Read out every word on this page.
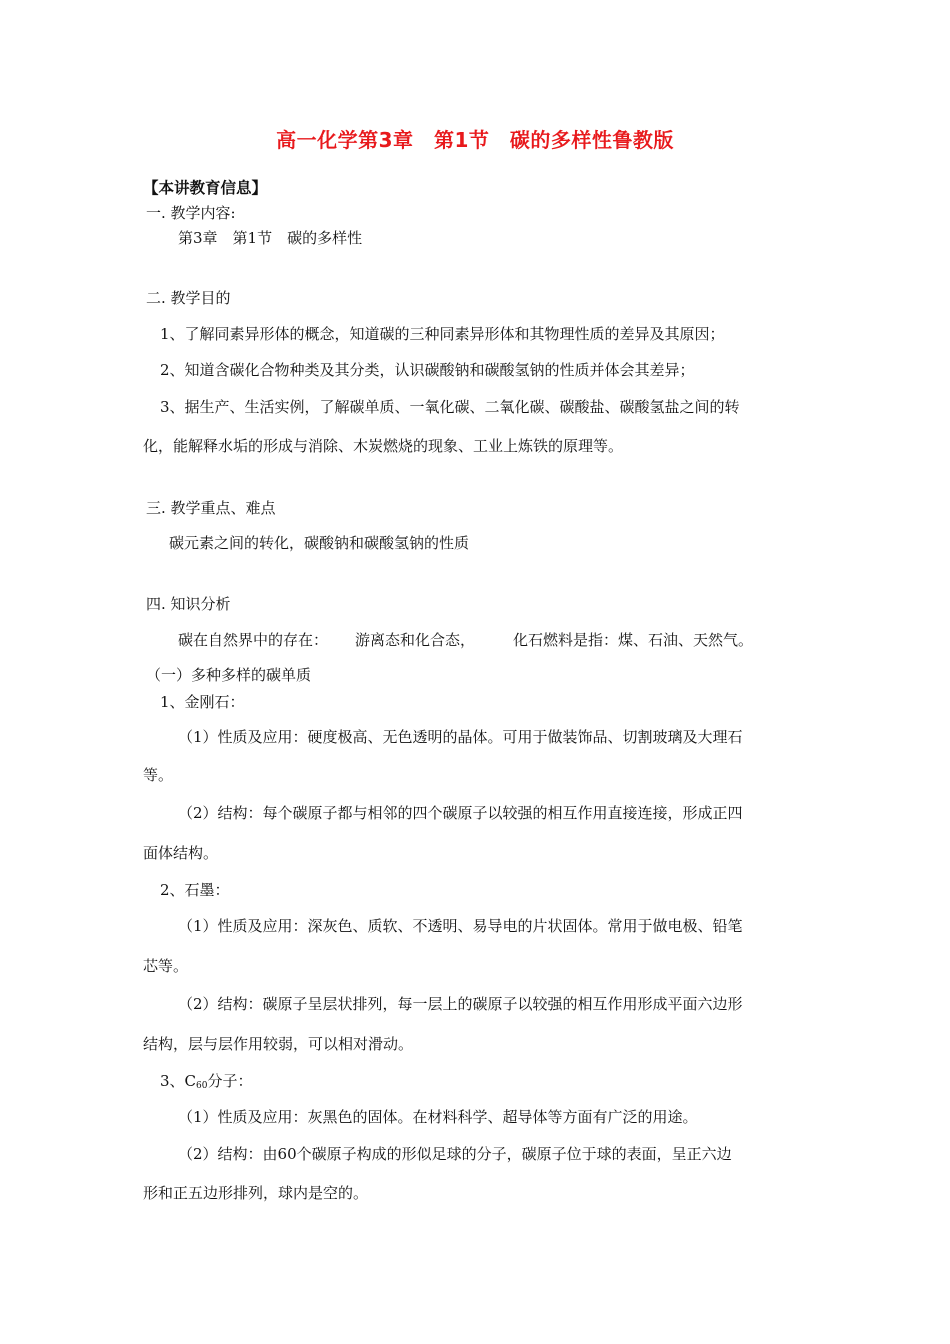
高一化学第3章　第1节　碳的多样性鲁教版
【本讲教育信息】
一. 教学内容:
第3章　第1节　碳的多样性
二. 教学目的
1、了解同素异形体的概念，知道碳的三种同素异形体和其物理性质的差异及其原因；
2、知道含碳化合物种类及其分类，认识碳酸钠和碳酸氢钠的性质并体会其差异；
3、据生产、生活实例，了解碳单质、一氧化碳、二氧化碳、碳酸盐、碳酸氢盐之间的转
化，能解释水垢的形成与消除、木炭燃烧的现象、工业上炼铁的原理等。
三. 教学重点、难点
碳元素之间的转化，碳酸钠和碳酸氢钠的性质
四. 知识分析
碳在自然界中的存在： 游离态和化合态，	化石燃料是指：煤、石油、天然气。
（一）多种多样的碳单质
1、金刚石：
（1）性质及应用：硬度极高、无色透明的晶体。可用于做装饰品、切割玻璃及大理石
等。
（2）结构：每个碳原子都与相邻的四个碳原子以较强的相互作用直接连接，形成正四
面体结构。
2、石墨：
（1）性质及应用：深灰色、质软、不透明、易导电的片状固体。常用于做电极、铅笔
芯等。
（2）结构：碳原子呈层状排列，每一层上的碳原子以较强的相互作用形成平面六边形
结构，层与层作用较弱，可以相对滑动。
3、$C_{60}$分子：
（1）性质及应用：灰黑色的固体。在材料科学、超导体等方面有广泛的用途。
（2）结构：由60个碳原子构成的形似足球的分子，碳原子位于球的表面，呈正六边
形和正五边形排列，球内是空的。
